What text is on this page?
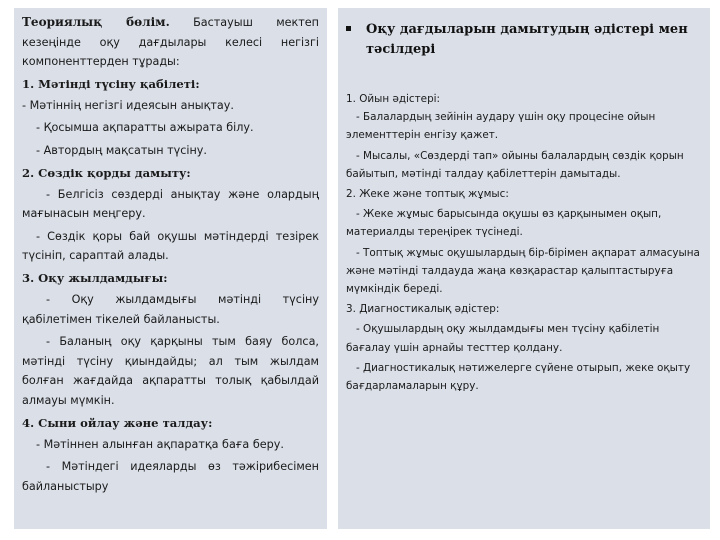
Теориялық бөлім. Бастауыш мектеп кезеңінде оқу дағдылары келесі негізгі компоненттерден тұрады:

1. Мәтінді түсіну қабілеті:

- Мәтіннің негізгі идеясын анықтау.

- Қосымша ақпаратты ажырата білу.

- Автордың мақсатын түсіну.

2. Сөздік қорды дамыту:

- Белгісіз сөздерді анықтау және олардың мағынасын меңгеру.

- Сөздік қоры бай оқушы мәтіндерді тезірек түсініп, сараптай алады.

3. Оқу жылдамдығы:

- Оқу жылдамдығы мәтінді түсіну қабілетімен тікелей байланысты.

- Баланың оқу қарқыны тым баяу болса, мәтінді түсіну қиындайды; ал тым жылдам болған жағдайда ақпаратты толық қабылдай алмауы мүмкін.

4. Сыни ойлау және талдау:

- Мәтіннен алынған ақпаратқа баға беру.

- Мәтіндегі идеяларды өз тәжірибесімен байланыстыру

Оқу дағдыларын дамытудың әдістері мен тәсілдері

1. Ойын әдістері:

- Балалардың зейінін аудару үшін оқу процесіне ойын элементтерін енгізу қажет.

- Мысалы, «Сөздерді тап» ойыны балалардың сөздік қорын байытып, мәтінді талдау қабілеттерін дамытады.

2. Жеке және топтық жұмыс:

- Жеке жұмыс барысында оқушы өз қарқынымен оқып, материалды тереңірек түсінеді.

- Топтық жұмыс оқушылардың бір-бірімен ақпарат алмасуына және мәтінді талдауда жаңа көзқарастар қалыптастыруға мүмкіндік береді.

3. Диагностикалық әдістер:

- Оқушылардың оқу жылдамдығы мен түсіну қабілетін бағалау үшін арнайы тесттер қолдану.

- Диагностикалық нәтижелерге сүйене отырып, жеке оқыту бағдарламаларын құру.
